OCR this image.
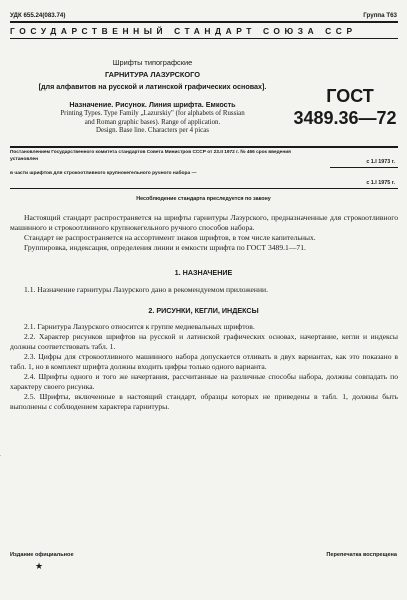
УДК 655.24(083.74)	Группа Т63
ГОСУДАРСТВЕННЫЙ СТАНДАРТ СОЮЗА ССР
Шрифты типографские
ГАРНИТУРА ЛАЗУРСКОГО
[для алфавитов на русской и латинской графических основах].
Назначение. Рисунок. Линия шрифта. Емкость
Printing Types. Type Family „Lazurskiy" (for alphabets of Russian
and Roman graphic bases). Range of application.
Design. Base line. Characters per 4 picas
ГОСТ
3489.36—72
Постановлением Государственного комитета стандартов Совета Министров СССР от 23.II 1972 г. № 466 срок введения
установлен	с 1.I 1973 г.
в части шрифтов для строкоотливного крупнокегельного ручного набора —
с 1.I 1975 г.
Несоблюдение стандарта преследуется по закону
Настоящий стандарт распространяется на шрифты гарнитуры Лазурского, предназначенные для строкоотливного машинного и строкоотливного крупнокегельного ручного способов набора.
Стандарт не распространяется на ассортимент знаков шрифтов, в том числе капительных.
Группировка, индексация, определения линии и емкости шрифта по ГОСТ 3489.1—71.
1. НАЗНАЧЕНИЕ
1.1. Назначение гарнитуры Лазурского дано в рекомендуемом приложении.
2. РИСУНКИ, КЕГЛИ, ИНДЕКСЫ
2.1. Гарнитура Лазурского относится к группе медиевальных шрифтов.
2.2. Характер рисунков шрифтов на русской и латинской графических основах, начертание, кегли и индексы должны соответствовать табл. 1.
2.3. Цифры для строкоотливного машинного набора допускается отливать в двух вариантах, как это показано в табл. 1, но в комплект шрифта должны входить цифры только одного варианта.
2.4. Шрифты одного и того же начертания, рассчитанные на различные способы набора, должны совпадать по характеру своего рисунка.
2.5. Шрифты, включенные в настоящий стандарт, образцы которых не приведены в табл. 1, должны быть выполнены с соблюдением характера гарнитуры.
Издание официальное	Перепечатка воспрещена
★
